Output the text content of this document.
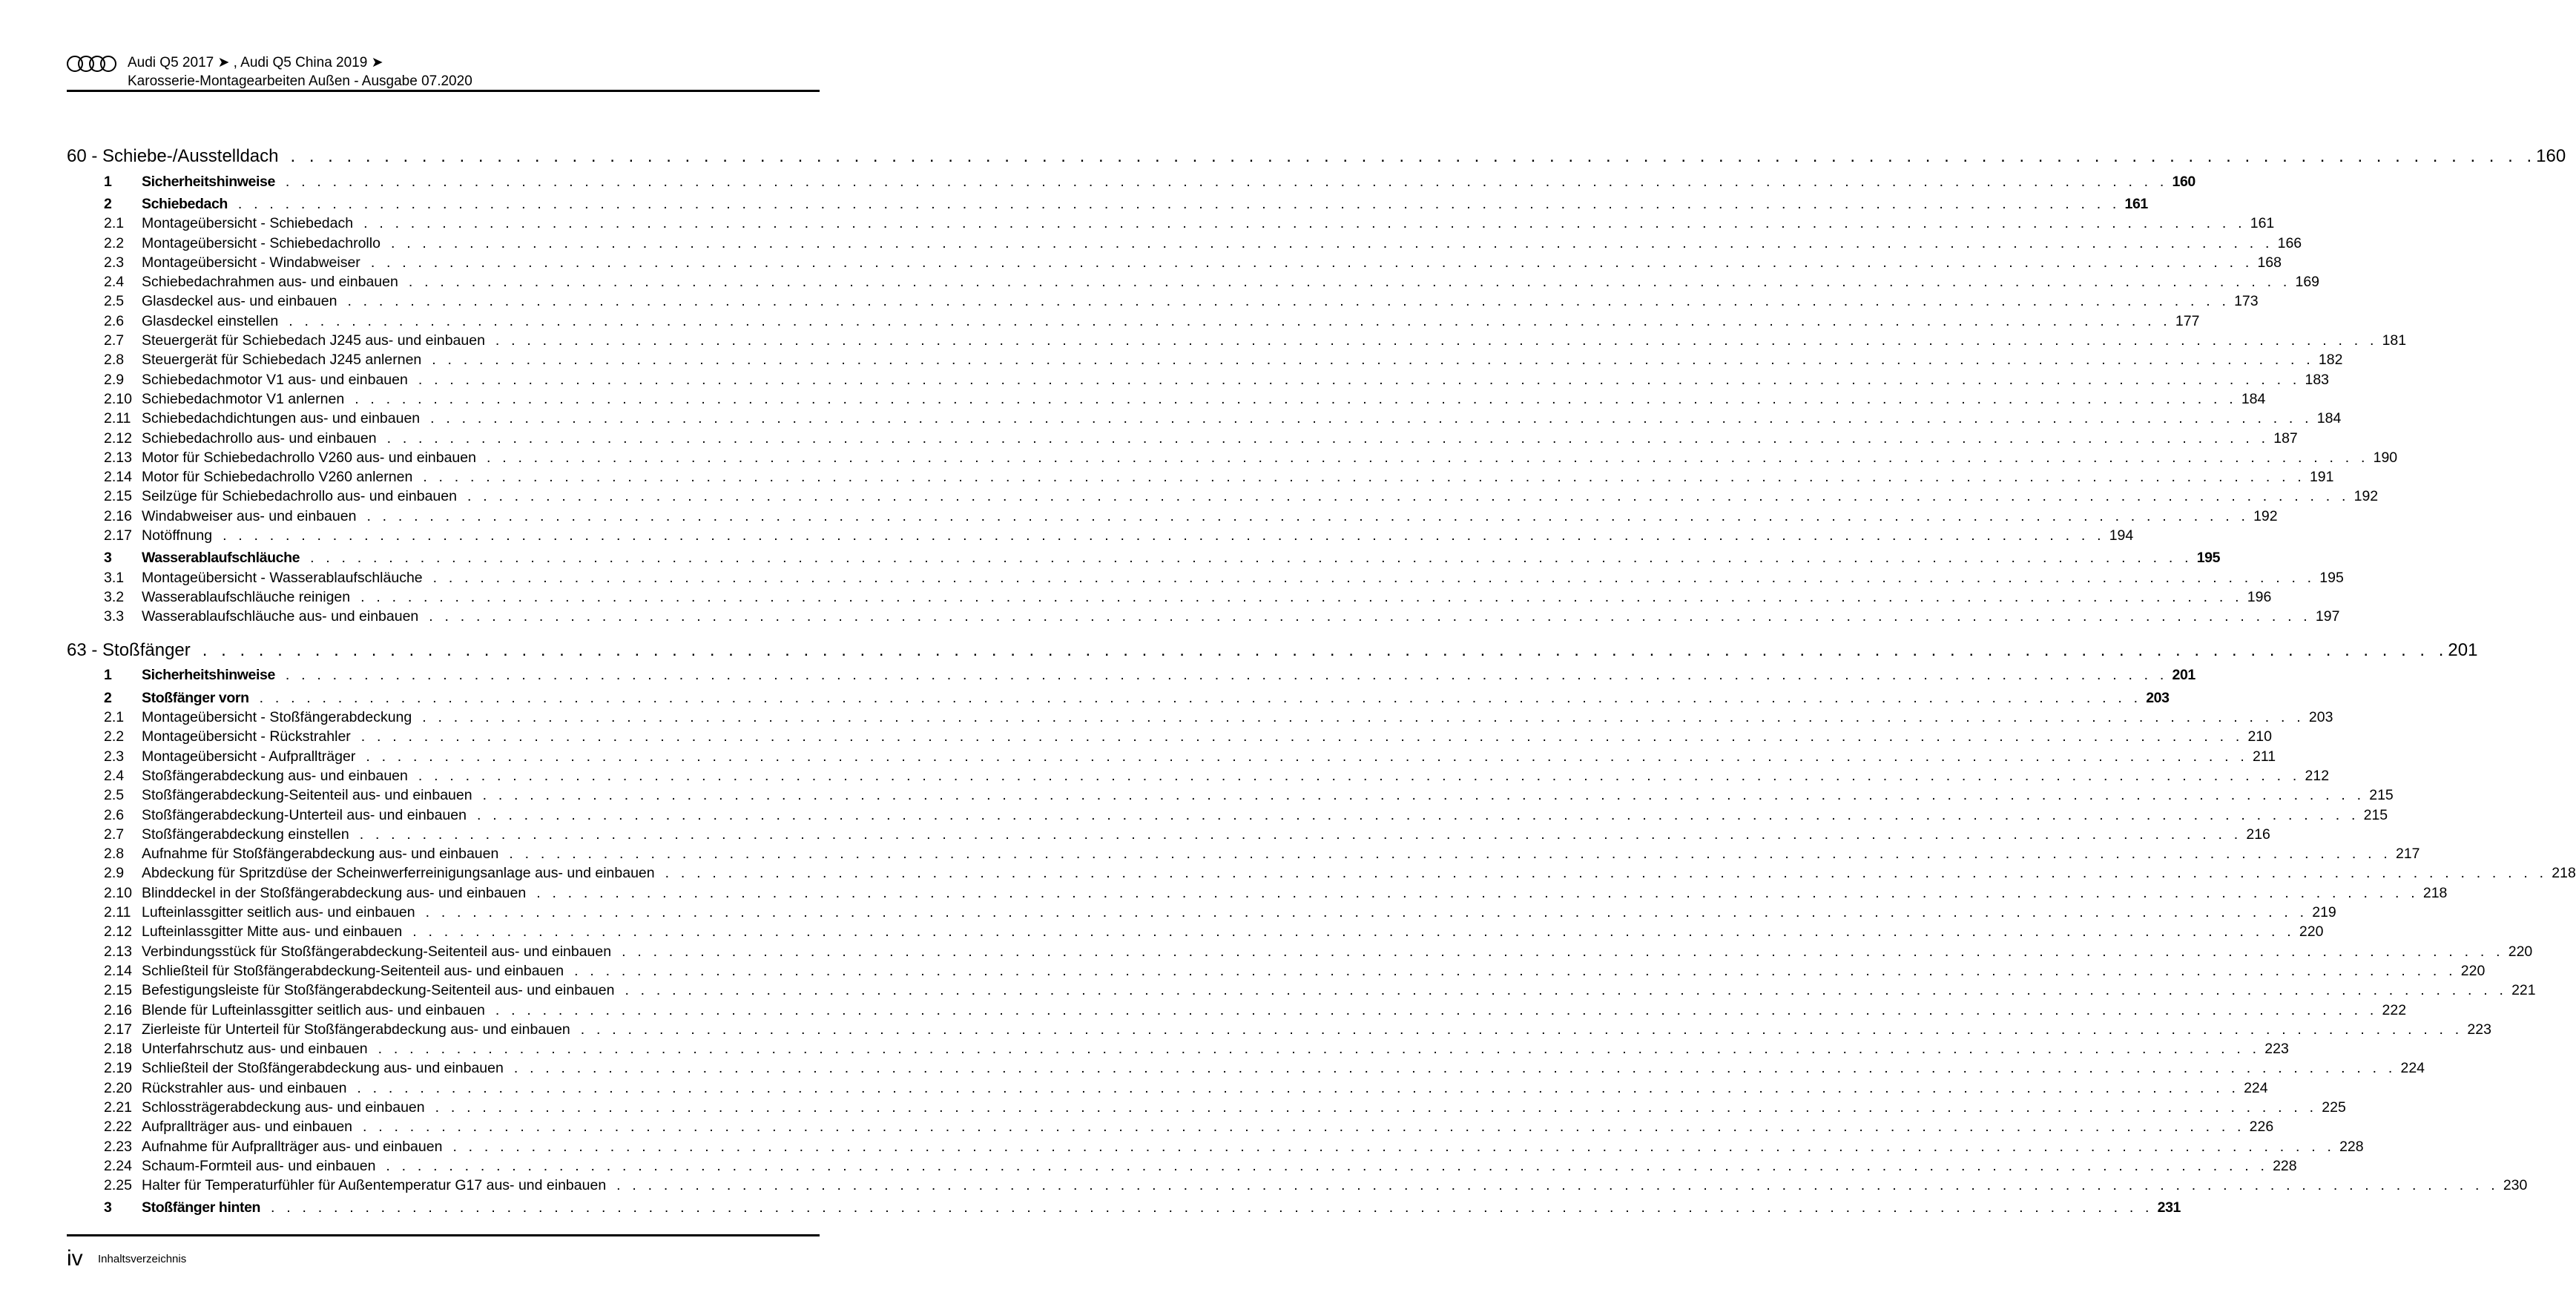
Audi Q5 2017 ➤ , Audi Q5 China 2019 ➤
Karosserie-Montagearbeiten Außen - Ausgabe 07.2020
60 - Schiebe-/Ausstelldach . . . . . . . . . . . . . . . . . . . . . . . . . . . . . . . . . . . . . . . . . . . . . . . . . . . . . . . . . . . . . . . . . . . . . . . . . . . . . . . . . . . . . . . . . . . . . . . . . . . . . . . . . . . . . . . . . . . . . . . . 160
1	Sicherheitshinweise . . . . . . . . . . . . . . . . . . . . . . . . . . . . . . . . . . . . . . . . . . . . . . . . . . . . . . . . . . . . . . . . . . . . . . . . . . . . . . . . . . . . . . . . . . . . . . . . . . . . . . . . . . . . . . . . . . . . . . . . 160
2	Schiebedach . . . . . . . . . . . . . . . . . . . . . . . . . . . . . . . . . . . . . . . . . . . . . . . . . . . . . . . . . . . . . . . . . . . . . . . . . . . . . . . . . . . . . . . . . . . . . . . . . . . . . . . . . . . . . . . . . . . . . . . . 161
2.1	Montageübersicht - Schiebedach . . . . . . . . . . . . . . . . . . . . . . . . . . . . . . . . . . . . . . . . . . . . . . . . . . . . . . . . . . . . . . . . . . . . . . . . . . . . . . . . . . . . . . . . . . . . . . . . . . . . . . . . . . . . . . . . . . . . . . . . 161
2.2	Montageübersicht - Schiebedachrollo . . . . . . . . . . . . . . . . . . . . . . . . . . . . . . . . . . . . . . . . . . . . . . . . . . . . . . . . . . . . . . . . . . . . . . . . . . . . . . . . . . . . . . . . . . . . . . . . . . . . . . . . . . . . . . . . . . . . . . . . 166
2.3	Montageübersicht - Windabweiser . . . . . . . . . . . . . . . . . . . . . . . . . . . . . . . . . . . . . . . . . . . . . . . . . . . . . . . . . . . . . . . . . . . . . . . . . . . . . . . . . . . . . . . . . . . . . . . . . . . . . . . . . . . . . . . . . . . . . . . . 168
2.4	Schiebedachrahmen aus- und einbauen . . . . . . . . . . . . . . . . . . . . . . . . . . . . . . . . . . . . . . . . . . . . . . . . . . . . . . . . . . . . . . . . . . . . . . . . . . . . . . . . . . . . . . . . . . . . . . . . . . . . . . . . . . . . . . . . . . . . . . . . 169
2.5	Glasdeckel aus- und einbauen . . . . . . . . . . . . . . . . . . . . . . . . . . . . . . . . . . . . . . . . . . . . . . . . . . . . . . . . . . . . . . . . . . . . . . . . . . . . . . . . . . . . . . . . . . . . . . . . . . . . . . . . . . . . . . . . . . . . . . . . 173
2.6	Glasdeckel einstellen . . . . . . . . . . . . . . . . . . . . . . . . . . . . . . . . . . . . . . . . . . . . . . . . . . . . . . . . . . . . . . . . . . . . . . . . . . . . . . . . . . . . . . . . . . . . . . . . . . . . . . . . . . . . . . . . . . . . . . . . 177
2.7	Steuergerät für Schiebedach J245 aus- und einbauen . . . . . . . . . . . . . . . . . . . . . . . . . . . . . . . . . . . . . . . . . . . . . . . . . . . . . . . . . . . . . . . . . . . . . . . . . . . . . . . . . . . . . . . . . . . . . . . . . . . . . . . . . . . . . . . . . . . . . . . . 181
2.8	Steuergerät für Schiebedach J245 anlernen . . . . . . . . . . . . . . . . . . . . . . . . . . . . . . . . . . . . . . . . . . . . . . . . . . . . . . . . . . . . . . . . . . . . . . . . . . . . . . . . . . . . . . . . . . . . . . . . . . . . . . . . . . . . . . . . . . . . . . . . 182
2.9	Schiebedachmotor V1 aus- und einbauen . . . . . . . . . . . . . . . . . . . . . . . . . . . . . . . . . . . . . . . . . . . . . . . . . . . . . . . . . . . . . . . . . . . . . . . . . . . . . . . . . . . . . . . . . . . . . . . . . . . . . . . . . . . . . . . . . . . . . . . . 183
2.10 Schiebedachmotor V1 anlernen . . . . . . . . . . . . . . . . . . . . . . . . . . . . . . . . . . . . . . . . . . . . . . . . . . . . . . . . . . . . . . . . . . . . . . . . . . . . . . . . . . . . . . . . . . . . . . . . . . . . . . . . . . . . . . . . . . . . . . . . 184
2.11 Schiebedachdichtungen aus- und einbauen . . . . . . . . . . . . . . . . . . . . . . . . . . . . . . . . . . . . . . . . . . . . . . . . . . . . . . . . . . . . . . . . . . . . . . . . . . . . . . . . . . . . . . . . . . . . . . . . . . . . . . . . . . . . . . . . . . . . . . . . 184
2.12 Schiebedachrollo aus- und einbauen . . . . . . . . . . . . . . . . . . . . . . . . . . . . . . . . . . . . . . . . . . . . . . . . . . . . . . . . . . . . . . . . . . . . . . . . . . . . . . . . . . . . . . . . . . . . . . . . . . . . . . . . . . . . . . . . . . . . . . . . 187
2.13 Motor für Schiebedachrollo V260 aus- und einbauen . . . . . . . . . . . . . . . . . . . . . . . . . . . . . . . . . . . . . . . . . . . . . . . . . . . . . . . . . . . . . . . . . . . . . . . . . . . . . . . . . . . . . . . . . . . . . . . . . . . . . . . . . . . . . . . . . . . . . . . . 190
2.14 Motor für Schiebedachrollo V260 anlernen . . . . . . . . . . . . . . . . . . . . . . . . . . . . . . . . . . . . . . . . . . . . . . . . . . . . . . . . . . . . . . . . . . . . . . . . . . . . . . . . . . . . . . . . . . . . . . . . . . . . . . . . . . . . . . . . . . . . . . . . 191
2.15 Seilzüge für Schiebedachrollo aus- und einbauen . . . . . . . . . . . . . . . . . . . . . . . . . . . . . . . . . . . . . . . . . . . . . . . . . . . . . . . . . . . . . . . . . . . . . . . . . . . . . . . . . . . . . . . . . . . . . . . . . . . . . . . . . . . . . . . . . . . . . . . . 192
2.16 Windabweiser aus- und einbauen . . . . . . . . . . . . . . . . . . . . . . . . . . . . . . . . . . . . . . . . . . . . . . . . . . . . . . . . . . . . . . . . . . . . . . . . . . . . . . . . . . . . . . . . . . . . . . . . . . . . . . . . . . . . . . . . . . . . . . . . 192
2.17 Notöffnung . . . . . . . . . . . . . . . . . . . . . . . . . . . . . . . . . . . . . . . . . . . . . . . . . . . . . . . . . . . . . . . . . . . . . . . . . . . . . . . . . . . . . . . . . . . . . . . . . . . . . . . . . . . . . . . . . . . . . . . . 194
3	Wasserablaufschläuche . . . . . . . . . . . . . . . . . . . . . . . . . . . . . . . . . . . . . . . . . . . . . . . . . . . . . . . . . . . . . . . . . . . . . . . . . . . . . . . . . . . . . . . . . . . . . . . . . . . . . . . . . . . . . . . . . . . . . . . . 195
3.1	Montageübersicht - Wasserablaufschläuche . . . . . . . . . . . . . . . . . . . . . . . . . . . . . . . . . . . . . . . . . . . . . . . . . . . . . . . . . . . . . . . . . . . . . . . . . . . . . . . . . . . . . . . . . . . . . . . . . . . . . . . . . . . . . . . . . . . . . . . . 195
3.2	Wasserablaufschläuche reinigen . . . . . . . . . . . . . . . . . . . . . . . . . . . . . . . . . . . . . . . . . . . . . . . . . . . . . . . . . . . . . . . . . . . . . . . . . . . . . . . . . . . . . . . . . . . . . . . . . . . . . . . . . . . . . . . . . . . . . . . . 196
3.3	Wasserablaufschläuche aus- und einbauen . . . . . . . . . . . . . . . . . . . . . . . . . . . . . . . . . . . . . . . . . . . . . . . . . . . . . . . . . . . . . . . . . . . . . . . . . . . . . . . . . . . . . . . . . . . . . . . . . . . . . . . . . . . . . . . . . . . . . . . . 197
63 - Stoßfänger . . . . . . . . . . . . . . . . . . . . . . . . . . . . . . . . . . . . . . . . . . . . . . . . . . . . . . . . . . . . . . . . . . . . . . . . . . . . . . . . . . . . . . . . . . . . . . . . . . . . . . . . . . . . . . . . . . . . . . . . 201
1	Sicherheitshinweise . . . . . . . . . . . . . . . . . . . . . . . . . . . . . . . . . . . . . . . . . . . . . . . . . . . . . . . . . . . . . . . . . . . . . . . . . . . . . . . . . . . . . . . . . . . . . . . . . . . . . . . . . . . . . . . . . . . . . . . . 201
2	Stoßfänger vorn . . . . . . . . . . . . . . . . . . . . . . . . . . . . . . . . . . . . . . . . . . . . . . . . . . . . . . . . . . . . . . . . . . . . . . . . . . . . . . . . . . . . . . . . . . . . . . . . . . . . . . . . . . . . . . . . . . . . . . . . 203
2.1	Montageübersicht - Stoßfängerabdeckung . . . . . . . . . . . . . . . . . . . . . . . . . . . . . . . . . . . . . . . . . . . . . . . . . . . . . . . . . . . . . . . . . . . . . . . . . . . . . . . . . . . . . . . . . . . . . . . . . . . . . . . . . . . . . . . . . . . . . . . . 203
2.2	Montageübersicht - Rückstrahler . . . . . . . . . . . . . . . . . . . . . . . . . . . . . . . . . . . . . . . . . . . . . . . . . . . . . . . . . . . . . . . . . . . . . . . . . . . . . . . . . . . . . . . . . . . . . . . . . . . . . . . . . . . . . . . . . . . . . . . . 210
2.3	Montageübersicht - Aufprallträger . . . . . . . . . . . . . . . . . . . . . . . . . . . . . . . . . . . . . . . . . . . . . . . . . . . . . . . . . . . . . . . . . . . . . . . . . . . . . . . . . . . . . . . . . . . . . . . . . . . . . . . . . . . . . . . . . . . . . . . . 211
2.4	Stoßfängerabdeckung aus- und einbauen . . . . . . . . . . . . . . . . . . . . . . . . . . . . . . . . . . . . . . . . . . . . . . . . . . . . . . . . . . . . . . . . . . . . . . . . . . . . . . . . . . . . . . . . . . . . . . . . . . . . . . . . . . . . . . . . . . . . . . . . 212
2.5	Stoßfängerabdeckung-Seitenteil aus- und einbauen . . . . . . . . . . . . . . . . . . . . . . . . . . . . . . . . . . . . . . . . . . . . . . . . . . . . . . . . . . . . . . . . . . . . . . . . . . . . . . . . . . . . . . . . . . . . . . . . . . . . . . . . . . . . . . . . . . . . . . . . 215
2.6	Stoßfängerabdeckung-Unterteil aus- und einbauen . . . . . . . . . . . . . . . . . . . . . . . . . . . . . . . . . . . . . . . . . . . . . . . . . . . . . . . . . . . . . . . . . . . . . . . . . . . . . . . . . . . . . . . . . . . . . . . . . . . . . . . . . . . . . . . . . . . . . . . . 215
2.7	Stoßfängerabdeckung einstellen . . . . . . . . . . . . . . . . . . . . . . . . . . . . . . . . . . . . . . . . . . . . . . . . . . . . . . . . . . . . . . . . . . . . . . . . . . . . . . . . . . . . . . . . . . . . . . . . . . . . . . . . . . . . . . . . . . . . . . . . 216
2.8	Aufnahme für Stoßfängerabdeckung aus- und einbauen . . . . . . . . . . . . . . . . . . . . . . . . . . . . . . . . . . . . . . . . . . . . . . . . . . . . . . . . . . . . . . . . . . . . . . . . . . . . . . . . . . . . . . . . . . . . . . . . . . . . . . . . . . . . . . . . . . . . . . . . 217
2.9	Abdeckung für Spritzdüse der Scheinwerferreinigungsanlage aus- und einbauen . . . . . . . . . . . . . . . . . . . . . . . . . . . . . . . . . . . . . . . . . . . . . . . . . . . . . . . . . . . . . . . . . . . . . . . . . . . . . . . . . . . . . . . . . . . . . . . . . . . . . . . . . . . . . . . . . . . . . . . . 218
2.10 Blinddeckel in der Stoßfängerabdeckung aus- und einbauen . . . . . . . . . . . . . . . . . . . . . . . . . . . . . . . . . . . . . . . . . . . . . . . . . . . . . . . . . . . . . . . . . . . . . . . . . . . . . . . . . . . . . . . . . . . . . . . . . . . . . . . . . . . . . . . . . . . . . . . . 218
2.11 Lufteinlassgitter seitlich aus- und einbauen . . . . . . . . . . . . . . . . . . . . . . . . . . . . . . . . . . . . . . . . . . . . . . . . . . . . . . . . . . . . . . . . . . . . . . . . . . . . . . . . . . . . . . . . . . . . . . . . . . . . . . . . . . . . . . . . . . . . . . . . 219
2.12 Lufteinlassgitter Mitte aus- und einbauen . . . . . . . . . . . . . . . . . . . . . . . . . . . . . . . . . . . . . . . . . . . . . . . . . . . . . . . . . . . . . . . . . . . . . . . . . . . . . . . . . . . . . . . . . . . . . . . . . . . . . . . . . . . . . . . . . . . . . . . . 220
2.13 Verbindungsstück für Stoßfängerabdeckung-Seitenteil aus- und einbauen . . . . . . . . . . . . . . . . . . . . . . . . . . . . . . . . . . . . . . . . . . . . . . . . . . . . . . . . . . . . . . . . . . . . . . . . . . . . . . . . . . . . . . . . . . . . . . . . . . . . . . . . . . . . . . . . . . . . . . . . 220
2.14 Schließteil für Stoßfängerabdeckung-Seitenteil aus- und einbauen . . . . . . . . . . . . . . . . . . . . . . . . . . . . . . . . . . . . . . . . . . . . . . . . . . . . . . . . . . . . . . . . . . . . . . . . . . . . . . . . . . . . . . . . . . . . . . . . . . . . . . . . . . . . . . . . . . . . . . . . 220
2.15 Befestigungsleiste für Stoßfängerabdeckung-Seitenteil aus- und einbauen . . . . . . . . . . . . . . . . . . . . . . . . . . . . . . . . . . . . . . . . . . . . . . . . . . . . . . . . . . . . . . . . . . . . . . . . . . . . . . . . . . . . . . . . . . . . . . . . . . . . . . . . . . . . . . . . . . . . . . . . 221
2.16 Blende für Lufteinlassgitter seitlich aus- und einbauen . . . . . . . . . . . . . . . . . . . . . . . . . . . . . . . . . . . . . . . . . . . . . . . . . . . . . . . . . . . . . . . . . . . . . . . . . . . . . . . . . . . . . . . . . . . . . . . . . . . . . . . . . . . . . . . . . . . . . . . . 222
2.17 Zierleiste für Unterteil für Stoßfängerabdeckung aus- und einbauen . . . . . . . . . . . . . . . . . . . . . . . . . . . . . . . . . . . . . . . . . . . . . . . . . . . . . . . . . . . . . . . . . . . . . . . . . . . . . . . . . . . . . . . . . . . . . . . . . . . . . . . . . . . . . . . . . . . . . . . . 223
2.18 Unterfahrschutz aus- und einbauen . . . . . . . . . . . . . . . . . . . . . . . . . . . . . . . . . . . . . . . . . . . . . . . . . . . . . . . . . . . . . . . . . . . . . . . . . . . . . . . . . . . . . . . . . . . . . . . . . . . . . . . . . . . . . . . . . . . . . . . . 223
2.19 Schließteil der Stoßfängerabdeckung aus- und einbauen . . . . . . . . . . . . . . . . . . . . . . . . . . . . . . . . . . . . . . . . . . . . . . . . . . . . . . . . . . . . . . . . . . . . . . . . . . . . . . . . . . . . . . . . . . . . . . . . . . . . . . . . . . . . . . . . . . . . . . . . 224
2.20 Rückstrahler aus- und einbauen . . . . . . . . . . . . . . . . . . . . . . . . . . . . . . . . . . . . . . . . . . . . . . . . . . . . . . . . . . . . . . . . . . . . . . . . . . . . . . . . . . . . . . . . . . . . . . . . . . . . . . . . . . . . . . . . . . . . . . . . 224
2.21 Schlossträgerabdeckung aus- und einbauen . . . . . . . . . . . . . . . . . . . . . . . . . . . . . . . . . . . . . . . . . . . . . . . . . . . . . . . . . . . . . . . . . . . . . . . . . . . . . . . . . . . . . . . . . . . . . . . . . . . . . . . . . . . . . . . . . . . . . . . . 225
2.22 Aufprallträger aus- und einbauen . . . . . . . . . . . . . . . . . . . . . . . . . . . . . . . . . . . . . . . . . . . . . . . . . . . . . . . . . . . . . . . . . . . . . . . . . . . . . . . . . . . . . . . . . . . . . . . . . . . . . . . . . . . . . . . . . . . . . . . . 226
2.23 Aufnahme für Aufprallträger aus- und einbauen . . . . . . . . . . . . . . . . . . . . . . . . . . . . . . . . . . . . . . . . . . . . . . . . . . . . . . . . . . . . . . . . . . . . . . . . . . . . . . . . . . . . . . . . . . . . . . . . . . . . . . . . . . . . . . . . . . . . . . . . 228
2.24 Schaum-Formteil aus- und einbauen . . . . . . . . . . . . . . . . . . . . . . . . . . . . . . . . . . . . . . . . . . . . . . . . . . . . . . . . . . . . . . . . . . . . . . . . . . . . . . . . . . . . . . . . . . . . . . . . . . . . . . . . . . . . . . . . . . . . . . . . 228
2.25 Halter für Temperaturfühler für Außentemperatur G17 aus- und einbauen . . . . . . . . . . . . . . . . . . . . . . . . . . . . . . . . . . . . . . . . . . . . . . . . . . . . . . . . . . . . . . . . . . . . . . . . . . . . . . . . . . . . . . . . . . . . . . . . . . . . . . . . . . . . . . . . . . . . . . . . 230
3	Stoßfänger hinten . . . . . . . . . . . . . . . . . . . . . . . . . . . . . . . . . . . . . . . . . . . . . . . . . . . . . . . . . . . . . . . . . . . . . . . . . . . . . . . . . . . . . . . . . . . . . . . . . . . . . . . . . . . . . . . . . . . . . . . . 231
iv Inhaltsverzeichnis
